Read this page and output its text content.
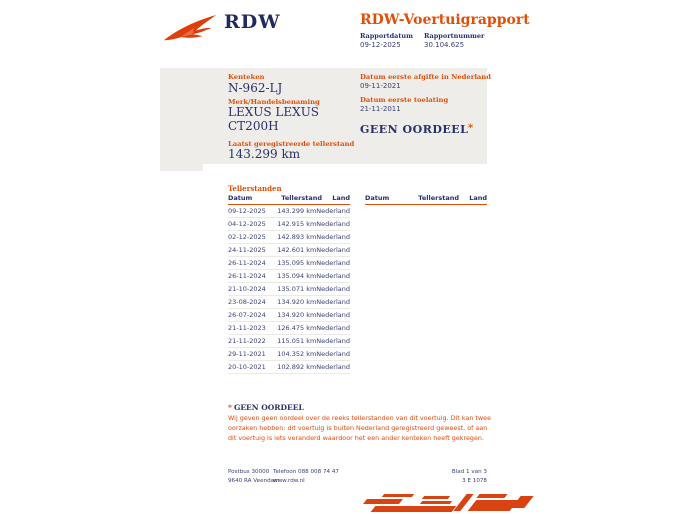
RDW	RDW-Voertuigrapport
Rapportdatum
09-12-2025
Rapportnummer
30.104.625
Kenteken
N-962-LJ
Merk/Handelsbenaming
LEXUS LEXUS
CT200H
Laatst geregistreerde tellerstand
143.299 km
Datum eerste afgifte in Nederland
09-11-2021
Datum eerste toelating
21-11-2011
GEEN OORDEEL *
Tellerstanden
Datum	Tellerstand	Land
09-12-2025	143.299 km Nederland
04-12-2025	142.915 km Nederland
02-12-2025	142.893 km Nederland
24-11-2025	142.601 km Nederland
26-11-2024	135.095 km Nederland
26-11-2024	135.094 km Nederland
21-10-2024	135.071 km Nederland
23-08-2024	134.920 km Nederland
26-07-2024	134.920 km Nederland
21-11-2023	126.475 km Nederland
21-11-2022	115.051 km Nederland
29-11-2021	104.352 km Nederland
20-10-2021	102.892 km Nederland
Datum	Tellerstand	Land
* GEEN OORDEEL
Wij geven geen oordeel over de reeks tellerstanden van dit voertuig. Dit kan twee oorzaken hebben: dit voertuig is buiten Nederland geregistreerd geweest, of aan dit voertuig is iets veranderd waardoor het een ander kenteken heeft gekregen.
Postbus 30000
9640 RA Veendam
Telefoon 088 008 74 47
www.rdw.nl
Blad 1 van 3
3 E 1078
